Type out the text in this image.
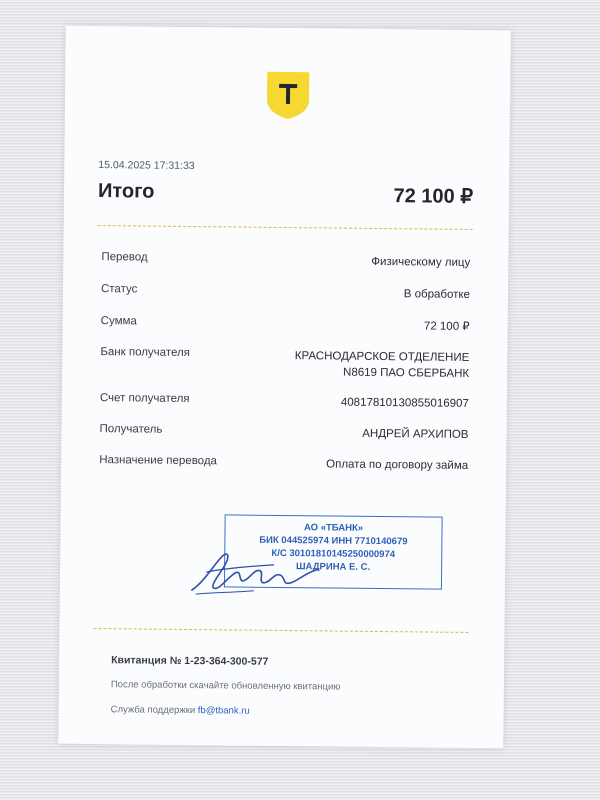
15.04.2025 17:31:33
Итого	72 100 ₽
Перевод	Физическому лицу
Статус	В обработке
Сумма	72 100 ₽
Банк получателя	КРАСНОДАРСКОЕ ОТДЕЛЕНИЕ
N8619 ПАО СБЕРБАНК
Счет получателя	40817810130855016907
Получатель	АНДРЕЙ АРХИПОВ
Назначение перевода	Оплата по договору займа
АО «ТБАНК»
БИК 044525974 ИНН 7710140679
К/С 30101810145250000974
ШАДРИНА Е. С.
Квитанция № 1-23-364-300-577
После обработки скачайте обновленную квитанцию
Служба поддержки fb@tbank.ru
